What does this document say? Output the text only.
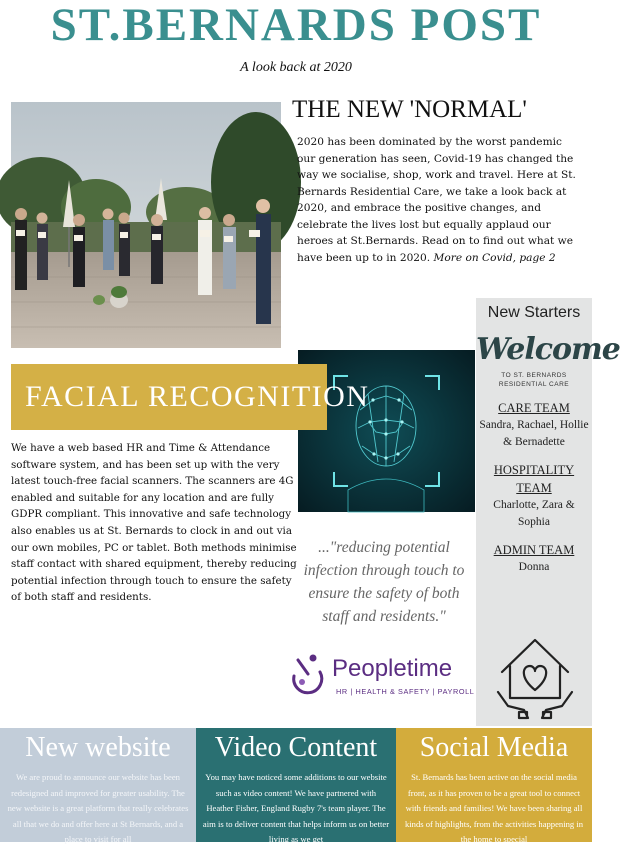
ST.BERNARDS POST
A look back at 2020
THE NEW 'NORMAL'
2020 has been dominated by the worst pandemic our generation has seen, Covid-19 has changed the way we socialise, shop, work and travel. Here at St. Bernards Residential Care, we take a look back at 2020, and embrace the positive changes, and celebrate the lives lost but equally applaud our heroes at St.Bernards. Read on to find out what we have been up to in 2020. More on Covid, page 2
FACIAL RECOGNITION
We have a web based HR and Time & Attendance software system, and has been set up with the very latest touch-free facial scanners. The scanners are 4G enabled and suitable for any location and are fully GDPR compliant. This innovative and safe technology also enables us at St. Bernards to clock in and out via our own mobiles, PC or tablet. Both methods minimise staff contact with shared equipment, thereby reducing potential infection through touch to ensure the safety of both staff and residents.
..."reducing potential infection through touch to ensure the safety of both staff and residents."
Peopletime
HR | HEALTH & SAFETY | PAYROLL
New Starters
Welcome
TO ST. BERNARDS
RESIDENTIAL CARE
CARE TEAM
Sandra, Rachael, Hollie & Bernadette
HOSPITALITY TEAM
Charlotte, Zara & Sophia
ADMIN TEAM
Donna
New website
We are proud to announce our website has been redesigned and improved for greater usability. The new website is a great platform that really celebrates all that we do and offer here at St Bernards, and a place to visit for all
Video Content
You may have noticed some additions to our website such as video content! We have partnered with Heather Fisher, England Rugby 7's team player. The aim is to deliver content that helps inform us on better living as we get
Social Media
St. Bernards has been active on the social media front, as it has proven to be a great tool to connect with friends and families! We have been sharing all kinds of highlights, from the activities happening in the home to special
